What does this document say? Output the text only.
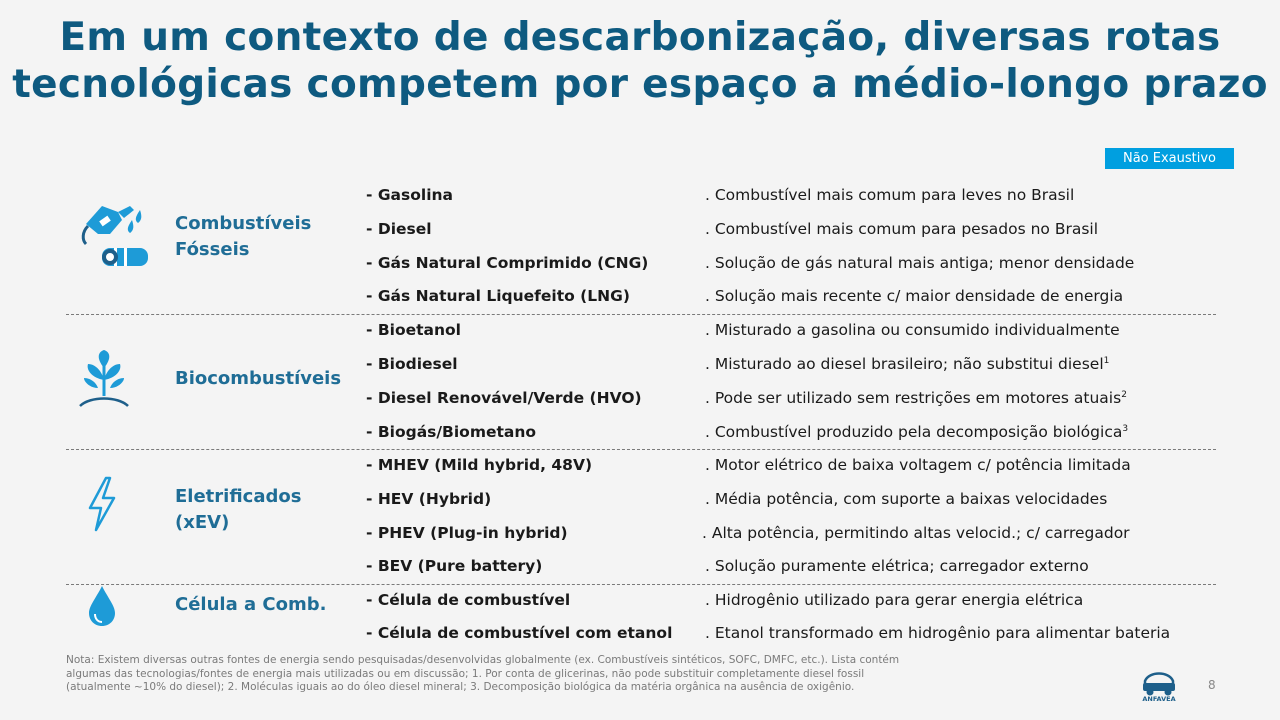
Em um contexto de descarbonização, diversas rotas
tecnológicas competem por espaço a médio-longo prazo
Não Exaustivo
Combustíveis
Fósseis
- Gasolina	. Combustível mais comum para leves no Brasil
- Diesel	. Combustível mais comum para pesados no Brasil
- Gás Natural Comprimido (CNG)	. Solução de gás natural mais antiga; menor densidade
- Gás Natural Liquefeito (LNG)	. Solução mais recente c/ maior densidade de energia
Biocombustíveis
- Bioetanol	. Misturado a gasolina ou consumido individualmente
- Biodiesel	. Misturado ao diesel brasileiro; não substitui diesel$^1$
- Diesel Renovável/Verde (HVO)	. Pode ser utilizado sem restrições em motores atuais$^2$
- Biogás/Biometano	. Combustível produzido pela decomposição biológica$^3$
Eletrificados
(xEV)
- MHEV (Mild hybrid, 48V)	. Motor elétrico de baixa voltagem c/ potência limitada
- HEV (Hybrid)	. Média potência, com suporte a baixas velocidades
- PHEV (Plug-in hybrid)	. Alta potência, permitindo altas velocid.; c/ carregador
- BEV (Pure battery)	. Solução puramente elétrica; carregador externo
Célula a Comb.	- Célula de combustível	. Hidrogênio utilizado para gerar energia elétrica
- Célula de combustível com etanol . Etanol transformado em hidrogênio para alimentar bateria
Nota: Existem diversas outras fontes de energia sendo pesquisadas/desenvolvidas globalmente (ex. Combustíveis sintéticos, SOFC, DMFC, etc.). Lista contém
algumas das tecnologias/fontes de energia mais utilizadas ou em discussão; 1. Por conta de glicerinas, não pode substituir completamente diesel fossil
(atualmente ~10% do diesel); 2. Moléculas iguais ao do óleo diesel mineral; 3. Decomposição biológica da matéria orgânica na ausência de oxigênio.
ANFAVEA
8
